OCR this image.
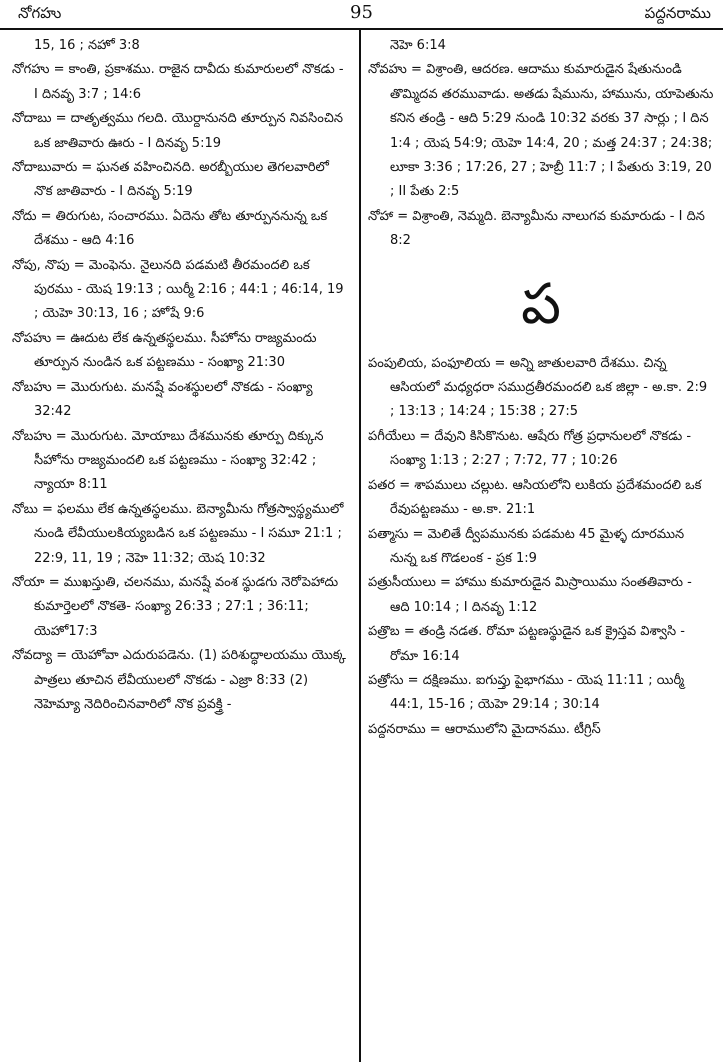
నోగహు	95	పద్దనరాము

15, 16 ; నహో 3:8

నోగహు = కాంతి, ప్రకాశము. రాజైన దావీదు కుమారులలో నొకడు - I దినవృ 3:7 ; 14:6

నోదాబు = దాతృత్వము గలది. యొర్దానునది తూర్పున నివసించిన ఒక జాతివారు ఊరు - I దినవృ 5:19

నోదాబువారు = ఘనత వహించినది. అరబ్బీయుల తెగలవారిలో నొక జాతివారు - I దినవృ 5:19

నోదు = తిరుగుట, సంచారము. ఏదెను తోట తూర్పుననున్న ఒక దేశము - ఆది 4:16

నోపు, నొపు = మెంఫెను. నైలునది పడమటి తీరమందలి ఒక పురము - యెష 19:13 ; యిర్మీ 2:16 ; 44:1 ; 46:14, 19 ; యెహె 30:13, 16 ; హోషే 9:6

నోపహు = ఊదుట లేక ఉన్నతస్థలము. సీహోను రాజ్యమందు తూర్పున నుండిన ఒక పట్టణము - సంఖ్యా 21:30

నోబహు = మొరుగుట. మనష్షే వంశస్థులలో నొకడు - సంఖ్యా 32:42

నోబహు = మొరుగుట. మోయాబు దేశమునకు తూర్పు దిక్కున సీహోను రాజ్యమందలి ఒక పట్టణము - సంఖ్యా 32:42 ; న్యాయా 8:11

నోబు = ఫలము లేక ఉన్నతస్థలము. బెన్యామీను గోత్రస్వాస్థ్యములో నుండి లేవీయులకియ్యబడిన ఒక పట్టణము - I సమూ 21:1 ; 22:9, 11, 19 ; నెహె 11:32; యెష 10:32

నోయా = ముఖస్తుతి, చలనము, మనష్షే వంశ స్థుడగు నెరోపెహాదు కుమార్తెలలో నొకతె- సంఖ్యా 26:33 ; 27:1 ; 36:11; యెహో17:3

నోవద్యా = యెహోవా ఎదురుపడెను. (1) పరిశుద్ధాలయము యొక్క పాత్రలు తూచిన లేవీయులలో నొకడు - ఎజ్రా 8:33 (2) నెహెమ్యా నెదిరించినవారిలో నొక ప్రవక్త్రి -

నెహె 6:14

నోవహు = విశ్రాంతి, ఆదరణ. ఆదాము కుమారుడైన షేతునుండి తొమ్మిదవ తరమువాడు. అతడు షేమును, హామును, యాపెతును కనిన తండ్రి - ఆది 5:29 నుండి 10:32 వరకు 37 సార్లు ; I దిన 1:4 ; యెష 54:9; యెహె 14:4, 20 ; మత్త 24:37 ; 24:38; లూకా 3:36 ; 17:26, 27 ; హెబ్రీ 11:7 ; I పేతురు 3:19, 20 ; II పేతు 2:5

నోహా = విశ్రాంతి, నెమ్మది. బెన్యామీను నాలుగవ కుమారుడు - I దిన 8:2

ప

పంపులియ, పంఫూలియ = అన్ని జాతులవారి దేశము. చిన్న ఆసియలో మధ్యధరా సముద్రతీరమందలి ఒక జిల్లా - అ.కా. 2:9 ; 13:13 ; 14:24 ; 15:38 ; 27:5

పగీయేలు = దేవుని కిసికొనుట. ఆషేరు గోత్ర ప్రధానులలో నొకడు - సంఖ్యా 1:13 ; 2:27 ; 7:72, 77 ; 10:26

పతర = శాపములు చల్లుట. ఆసియలోని లుకియ ప్రదేశమందలి ఒక రేవుపట్టణము - అ.కా. 21:1

పత్మాసు = మెలితే ద్వీపమునకు పడమట 45 మైళ్ళ దూరమున నున్న ఒక గొడలంక - ప్రక 1:9

పత్రుసీయులు = హాము కుమారుడైన మిస్రాయిము సంతతివారు - ఆది 10:14 ; I దినవృ 1:12

పత్రొబ = తండ్రి నడత. రోమా పట్టణస్థుడైన ఒక క్రైస్తవ విశ్వాసి - రోమా 16:14

పత్రోసు = దక్షిణము. ఐగుప్తు పైభాగము - యెష 11:11 ; యిర్మీ 44:1, 15-16 ; యెహె 29:14 ; 30:14

పద్దనరాము = ఆరాములోని మైదానము. టీగ్రిస్
